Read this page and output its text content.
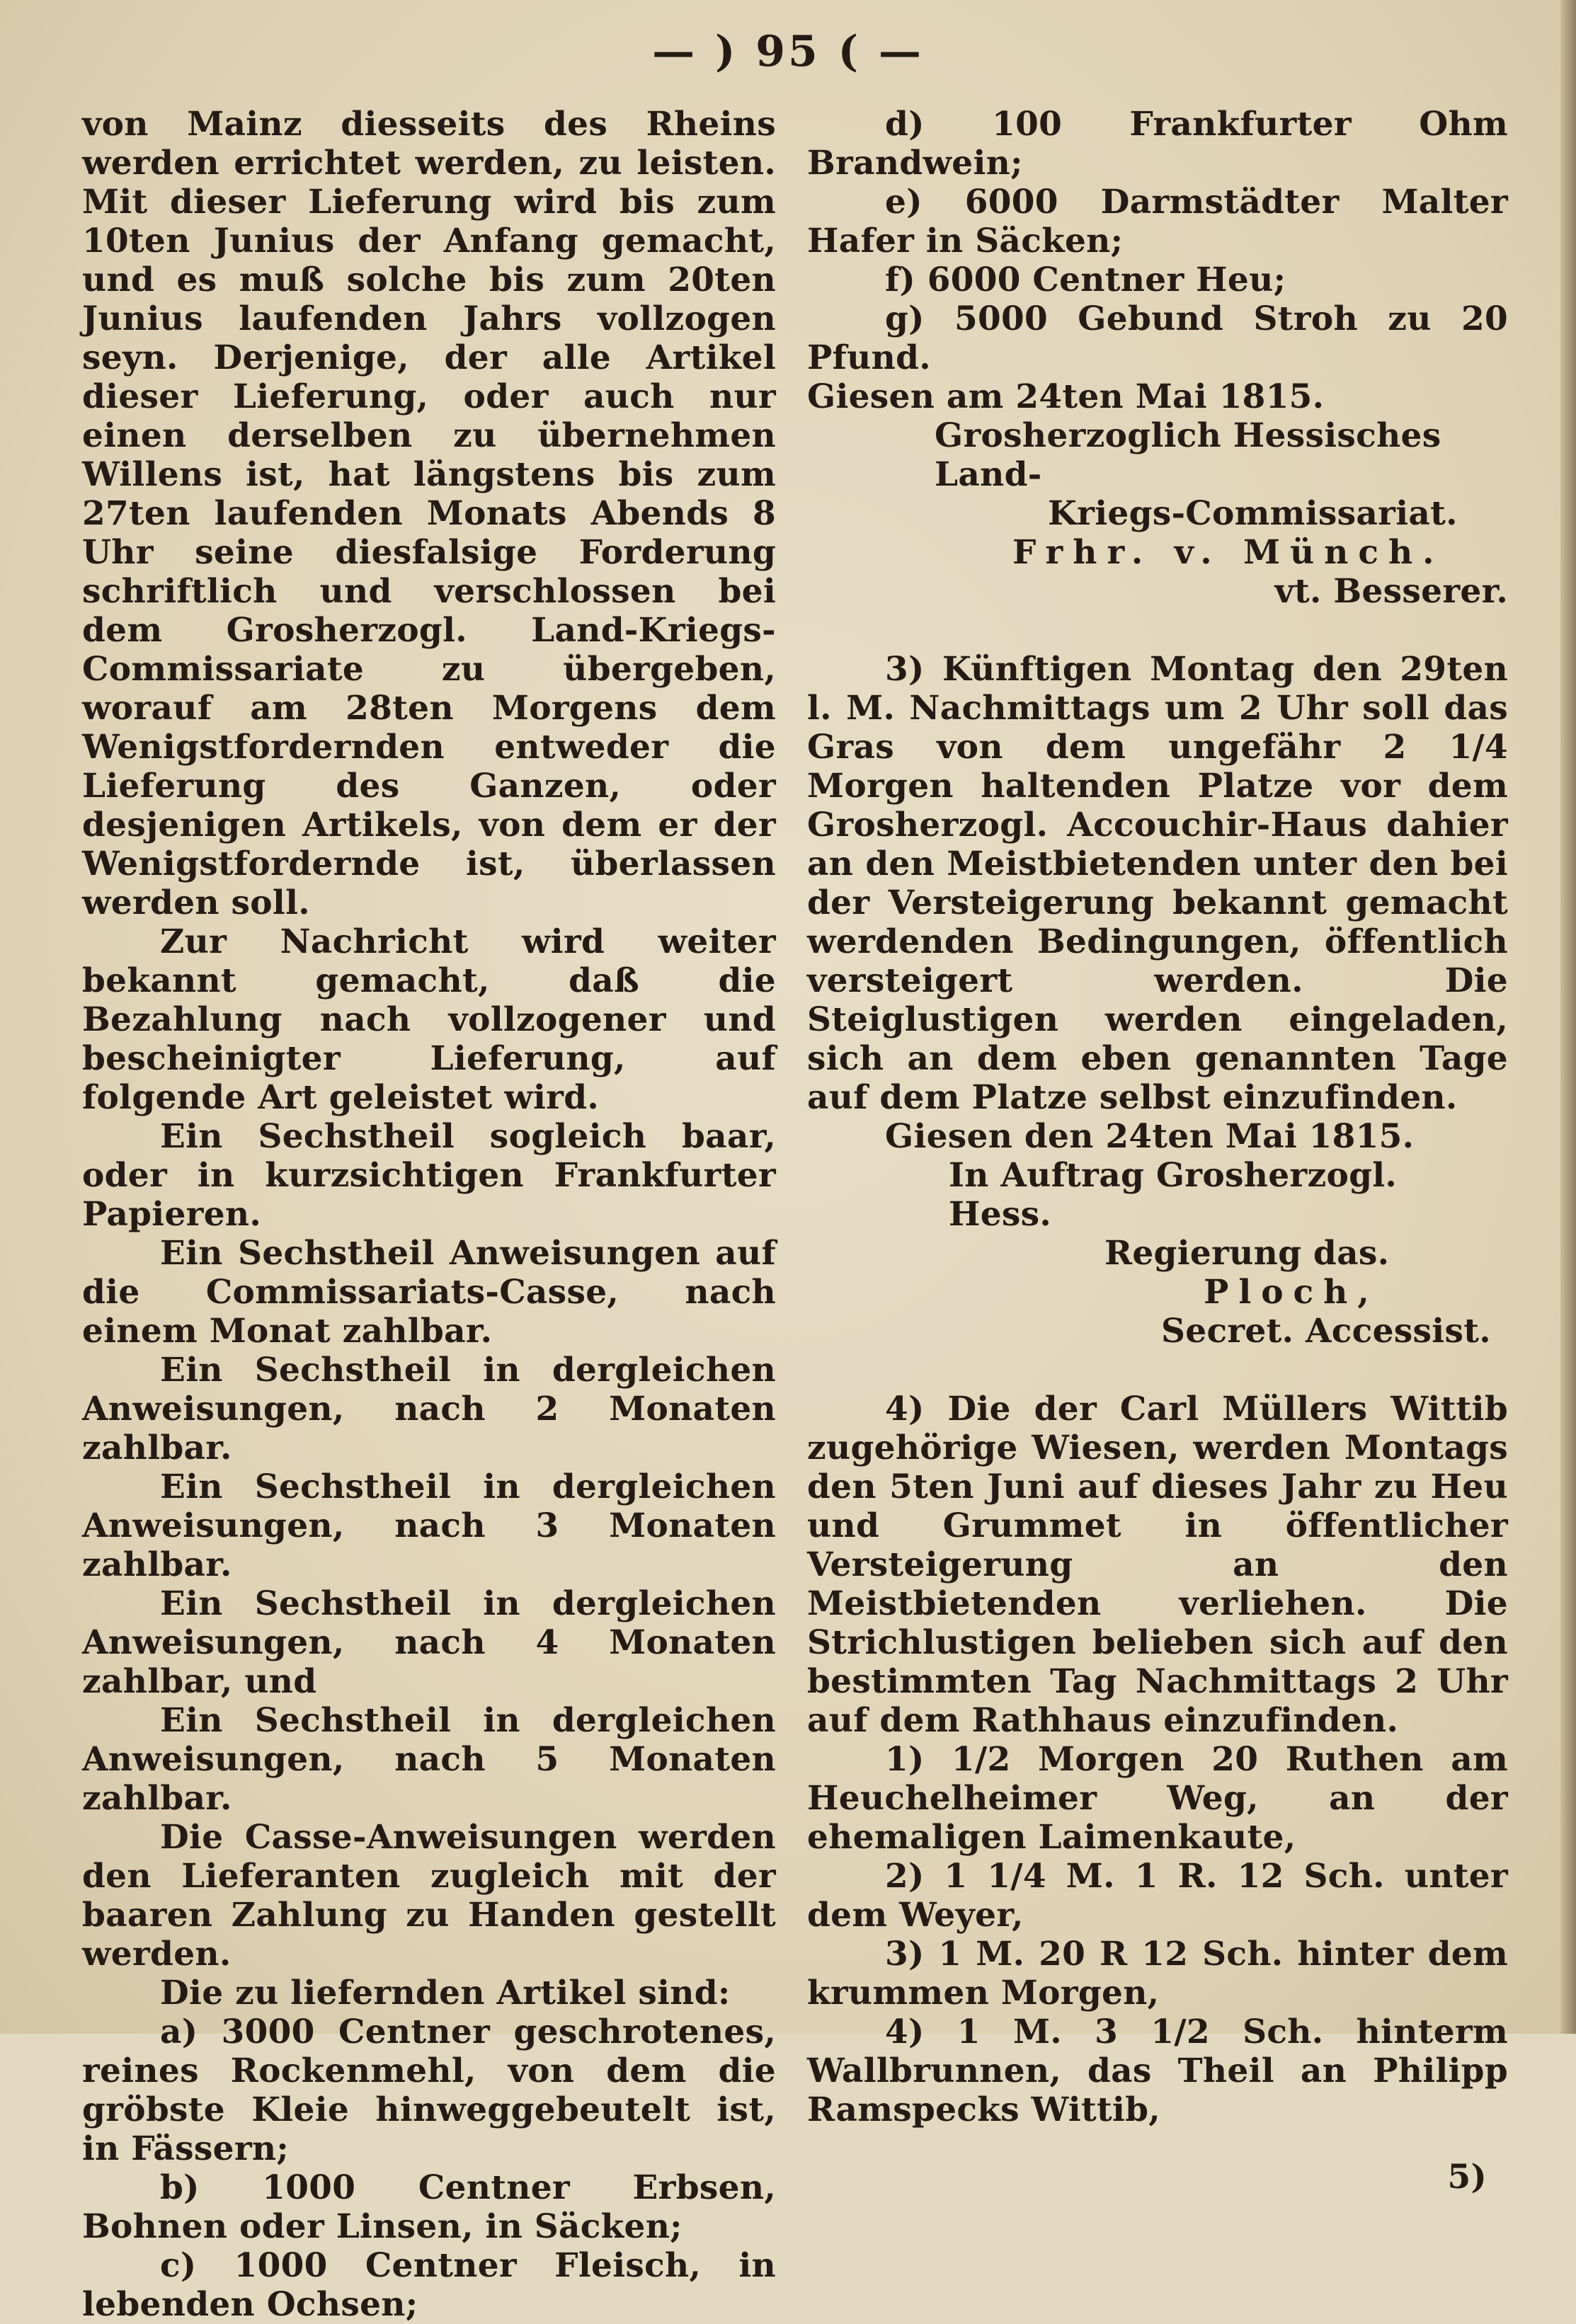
— ) 95 ( —

von Mainz diesseits des Rheins werden errichtet werden, zu leisten. Mit dieser Lieferung wird bis zum 10ten Junius der Anfang gemacht, und es muß solche bis zum 20ten Junius laufenden Jahrs vollzogen seyn. Derjenige, der alle Artikel dieser Lieferung, oder auch nur einen derselben zu übernehmen Willens ist, hat längstens bis zum 27ten laufenden Monats Abends 8 Uhr seine diesfalsige Forderung schriftlich und verschlossen bei dem Grosherzogl. Land-Kriegs-Commissariate zu übergeben, worauf am 28ten Morgens dem Wenigstfordernden entweder die Lieferung des Ganzen, oder desjenigen Artikels, von dem er der Wenigstfordernde ist, überlassen werden soll.

Zur Nachricht wird weiter bekannt gemacht, daß die Bezahlung nach vollzogener und bescheinigter Lieferung, auf folgende Art geleistet wird.

Ein Sechstheil sogleich baar, oder in kurzsichtigen Frankfurter Papieren.

Ein Sechstheil Anweisungen auf die Commissariats-Casse, nach einem Monat zahlbar.

Ein Sechstheil in dergleichen Anweisungen, nach 2 Monaten zahlbar.

Ein Sechstheil in dergleichen Anweisungen, nach 3 Monaten zahlbar.

Ein Sechstheil in dergleichen Anweisungen, nach 4 Monaten zahlbar, und

Ein Sechstheil in dergleichen Anweisungen, nach 5 Monaten zahlbar.

Die Casse-Anweisungen werden den Lieferanten zugleich mit der baaren Zahlung zu Handen gestellt werden.

Die zu liefernden Artikel sind:

a) 3000 Centner geschrotenes, reines Rockenmehl, von dem die gröbste Kleie hinweggebeutelt ist, in Fässern;

b) 1000 Centner Erbsen, Bohnen oder Linsen, in Säcken;

c) 1000 Centner Fleisch, in lebenden Ochsen;

d) 100 Frankfurter Ohm Brandwein;

e) 6000 Darmstädter Malter Hafer in Säcken;

f) 6000 Centner Heu;

g) 5000 Gebund Stroh zu 20 Pfund.

Giesen am 24ten Mai 1815.

Grosherzoglich Hessisches Land-

Kriegs-Commissariat.

Frhr. v. Münch.

vt. Besserer.

3) Künftigen Montag den 29ten l. M. Nachmittags um 2 Uhr soll das Gras von dem ungefähr 2 1/4 Morgen haltenden Platze vor dem Grosherzogl. Accouchir-Haus dahier an den Meistbietenden unter den bei der Versteigerung bekannt gemacht werdenden Bedingungen, öffentlich versteigert werden. Die Steiglustigen werden eingeladen, sich an dem eben genannten Tage auf dem Platze selbst einzufinden.

Giesen den 24ten Mai 1815.

In Auftrag Grosherzogl. Hess.

Regierung das.

Ploch,

Secret. Accessist.

4) Die der Carl Müllers Wittib zugehörige Wiesen, werden Montags den 5ten Juni auf dieses Jahr zu Heu und Grummet in öffentlicher Versteigerung an den Meistbietenden verliehen. Die Strichlustigen belieben sich auf den bestimmten Tag Nachmittags 2 Uhr auf dem Rathhaus einzufinden.

1) 1/2 Morgen 20 Ruthen am Heuchelheimer Weg, an der ehemaligen Laimenkaute,

2) 1 1/4 M. 1 R. 12 Sch. unter dem Weyer,

3) 1 M. 20 R 12 Sch. hinter dem krummen Morgen,

4) 1 M. 3 1/2 Sch. hinterm Wallbrunnen, das Theil an Philipp Ramspecks Wittib,

5)
